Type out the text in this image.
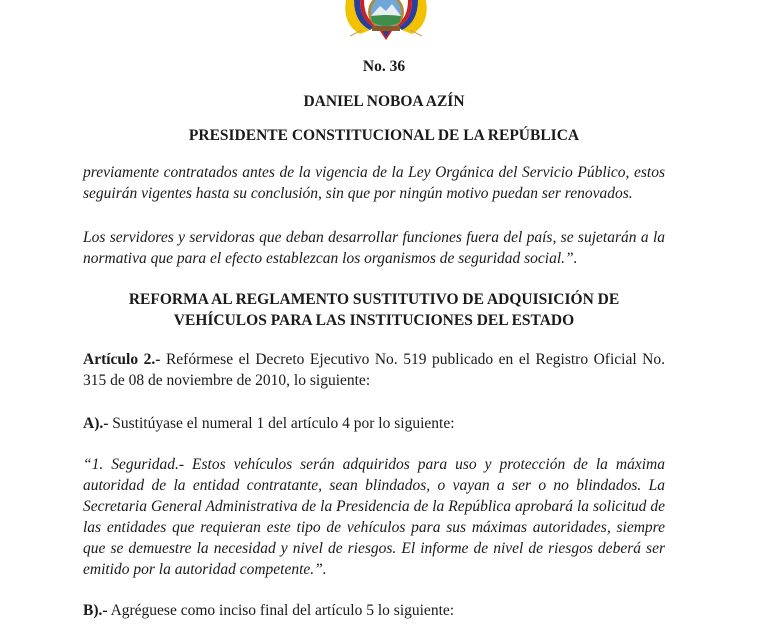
No. 36
DANIEL NOBOA AZÍN
PRESIDENTE CONSTITUCIONAL DE LA REPÚBLICA
previamente contratados antes de la vigencia de la Ley Orgánica del Servicio Público, estos seguirán vigentes hasta su conclusión, sin que por ningún motivo puedan ser renovados.
Los servidores y servidoras que deban desarrollar funciones fuera del país, se sujetarán a la normativa que para el efecto establezcan los organismos de seguridad social.”.
REFORMA AL REGLAMENTO SUSTITUTIVO DE ADQUISICIÓN DE
VEHÍCULOS PARA LAS INSTITUCIONES DEL ESTADO
Artículo 2.- Refórmese el Decreto Ejecutivo No. 519 publicado en el Registro Oficial No. 315 de 08 de noviembre de 2010, lo siguiente:
A).- Sustitúyase el numeral 1 del artículo 4 por lo siguiente:
“1. Seguridad.- Estos vehículos serán adquiridos para uso y protección de la máxima autoridad de la entidad contratante, sean blindados, o vayan a ser o no blindados. La Secretaria General Administrativa de la Presidencia de la República aprobará la solicitud de las entidades que requieran este tipo de vehículos para sus máximas autoridades, siempre que se demuestre la necesidad y nivel de riesgos. El informe de nivel de riesgos deberá ser emitido por la autoridad competente.”.
B).- Agréguese como inciso final del artículo 5 lo siguiente:
